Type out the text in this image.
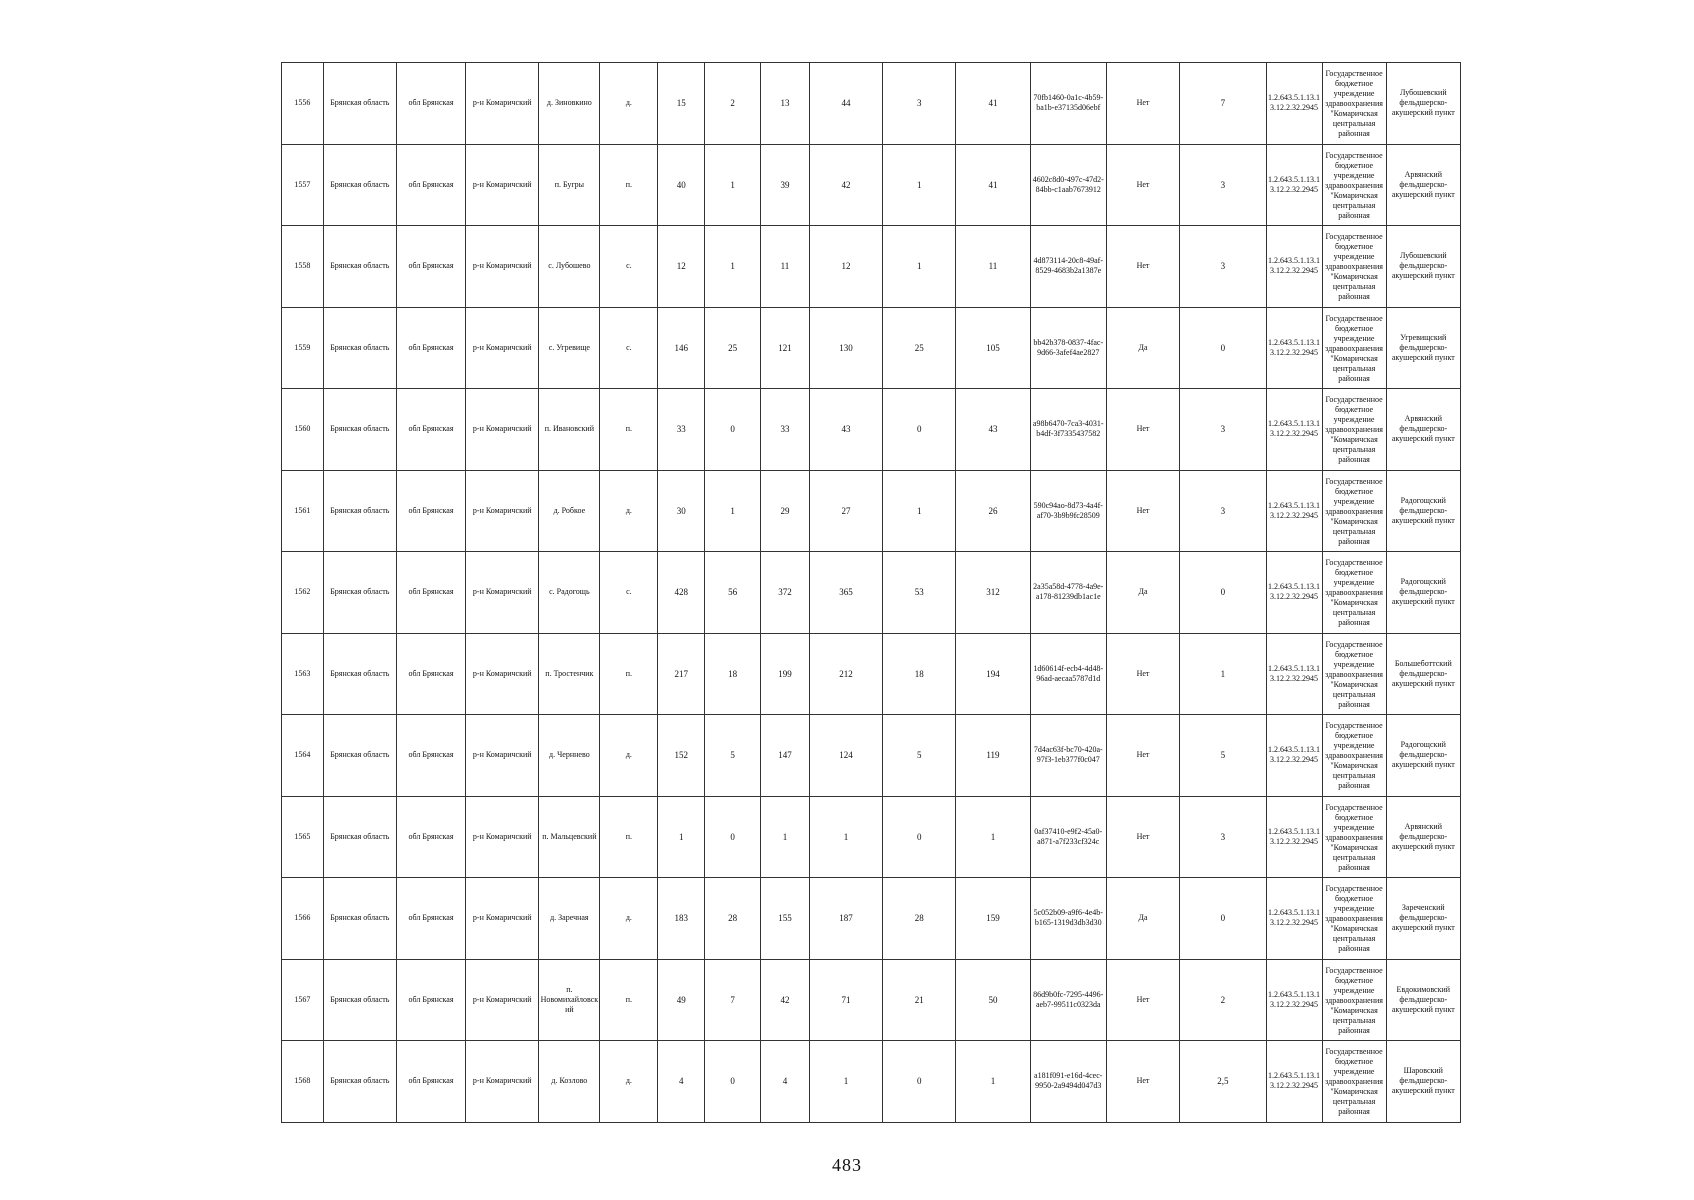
1556	Брянская область	обл Брянская	р-н Комаричский	д. Зиновкино	д.	15	2	13	44	3	41	70fb1460-0a1c-4b59-ba1b-e37135d06ebf	Нет	7	1.2.643.5.1.13.13.12.2.32.2945	Государственное бюджетное учреждение здравоохранения "Комаричская центральная районная	Лубошевский фельдшерско-акушерский пункт
1557	Брянская область	обл Брянская	р-н Комаричский	п. Бугры	п.	40	1	39	42	1	41	4602c8d0-497c-47d2-84bb-c1aab7673912	Нет	3	1.2.643.5.1.13.13.12.2.32.2945	Государственное бюджетное учреждение здравоохранения "Комаричская центральная районная	Арвянский фельдшерско-акушерский пункт
1558	Брянская область	обл Брянская	р-н Комаричский	с. Лубошево	с.	12	1	11	12	1	11	4d873114-20c8-49af-8529-4683b2a1387e	Нет	3	1.2.643.5.1.13.13.12.2.32.2945	Государственное бюджетное учреждение здравоохранения "Комаричская центральная районная	Лубошевский фельдшерско-акушерский пункт
1559	Брянская область	обл Брянская	р-н Комаричский	с. Угревище	с.	146	25	121	130	25	105	bb42b378-0837-4fac-9d66-3afef4ae2827	Да	0	1.2.643.5.1.13.13.12.2.32.2945	Государственное бюджетное учреждение здравоохранения "Комаричская центральная районная	Угревищский фельдшерско-акушерский пункт
1560	Брянская область	обл Брянская	р-н Комаричский	п. Ивановский	п.	33	0	33	43	0	43	a98b6470-7ca3-4031-b4df-3f7335437582	Нет	3	1.2.643.5.1.13.13.12.2.32.2945	Государственное бюджетное учреждение здравоохранения "Комаричская центральная районная	Арвянский фельдшерско-акушерский пункт
1561	Брянская область	обл Брянская	р-н Комаричский	д. Робкое	д.	30	1	29	27	1	26	590c94ao-8d73-4a4f-af70-3b9b9fc28509	Нет	3	1.2.643.5.1.13.13.12.2.32.2945	Государственное бюджетное учреждение здравоохранения "Комаричская центральная районная	Радогощский фельдшерско-акушерский пункт
1562	Брянская область	обл Брянская	р-н Комаричский	с. Радогощь	с.	428	56	372	365	53	312	2a35a58d-4778-4a9e-a178-81239db1ac1e	Да	0	1.2.643.5.1.13.13.12.2.32.2945	Государственное бюджетное учреждение здравоохранения "Комаричская центральная районная	Радогощский фельдшерско-акушерский пункт
1563	Брянская область	обл Брянская	р-н Комаричский	п. Тростенчик	п.	217	18	199	212	18	194	1d60614f-ecb4-4d48-96ad-aecaa5787d1d	Нет	1	1.2.643.5.1.13.13.12.2.32.2945	Государственное бюджетное учреждение здравоохранения "Комаричская центральная районная	Большеботтский фельдшерско-акушерский пункт
1564	Брянская область	обл Брянская	р-н Комаричский	д. Черннево	д.	152	5	147	124	5	119	7d4ac63f-bc70-420a-97f3-1eb377f0c047	Нет	5	1.2.643.5.1.13.13.12.2.32.2945	Государственное бюджетное учреждение здравоохранения "Комаричская центральная районная	Радогощский фельдшерско-акушерский пункт
1565	Брянская область	обл Брянская	р-н Комаричский	п. Мальцевский	п.	1	0	1	1	0	1	0af37410-e9f2-45a0-a871-a7f233cf324c	Нет	3	1.2.643.5.1.13.13.12.2.32.2945	Государственное бюджетное учреждение здравоохранения "Комаричская центральная районная	Арвянский фельдшерско-акушерский пункт
1566	Брянская область	обл Брянская	р-н Комаричский	д. Заречная	д.	183	28	155	187	28	159	5c052b09-a9f6-4e4b-b165-1319d3db3d30	Да	0	1.2.643.5.1.13.13.12.2.32.2945	Государственное бюджетное учреждение здравоохранения "Комаричская центральная районная	Зареченский фельдшерско-акушерский пункт
1567	Брянская область	обл Брянская	р-н Комаричский	п. Новомихайловский	п.	49	7	42	71	21	50	86d9b0fc-7295-4496-aeb7-99511c0323da	Нет	2	1.2.643.5.1.13.13.12.2.32.2945	Государственное бюджетное учреждение здравоохранения "Комаричская центральная районная	Евдокимовский фельдшерско-акушерский пункт
1568	Брянская область	обл Брянская	р-н Комаричский	д. Козлово	д.	4	0	4	1	0	1	a181f091-e16d-4cec-9950-2a9494d047d3	Нет	2,5	1.2.643.5.1.13.13.12.2.32.2945	Государственное бюджетное учреждение здравоохранения "Комаричская центральная районная	Шаровский фельдшерско-акушерский пункт
483
